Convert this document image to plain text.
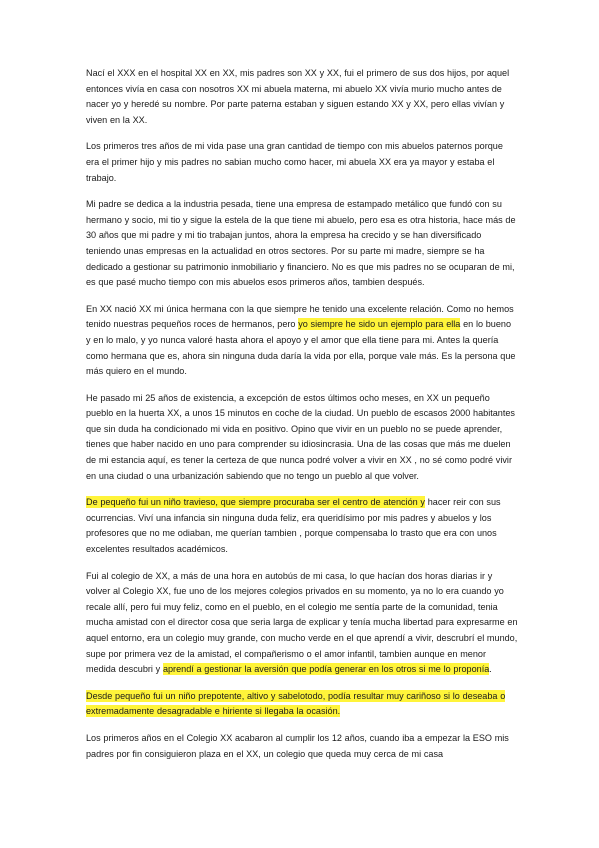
Nací el XXX en el hospital XX en XX, mis padres son XX y XX, fui el primero de sus dos hijos, por aquel entonces vivía en casa con nosotros XX mi abuela materna, mi abuelo XX vivía murio mucho antes de nacer yo y heredé su nombre. Por parte paterna estaban y siguen estando XX y XX, pero ellas vivían y viven en la XX.

Los primeros tres años de mi vida pase una gran cantidad de tiempo con mis abuelos paternos porque era el primer hijo y mis padres no sabian mucho como hacer, mi abuela XX era ya mayor y estaba el trabajo.

Mi padre se dedica a la industria pesada, tiene una empresa de estampado metálico que fundó con su hermano y socio, mi tio y sigue la estela de la que tiene mi abuelo, pero esa es otra historia, hace más de 30 años que mi padre y mi tio trabajan juntos, ahora la empresa ha crecido y se han diversificado teniendo unas empresas en la actualidad en otros sectores. Por su parte mi madre, siempre se ha dedicado a gestionar su patrimonio inmobiliario y financiero. No es que mis padres no se ocuparan de mi, es que pasé mucho tiempo con mis abuelos esos primeros años, tambien después.

En XX nació XX mi única hermana con la que siempre he tenido una excelente relación. Como no hemos tenido nuestras pequeños roces de hermanos, pero yo siempre he sido un ejemplo para ella en lo bueno y en lo malo, y yo nunca valoré hasta ahora el apoyo y el amor que ella tiene para mi. Antes la quería como hermana que es, ahora sin ninguna duda daría la vida por ella, porque vale más. Es la persona que más quiero en el mundo.

He pasado mi 25 años de existencia, a excepción de estos últimos ocho meses, en XX un pequeño pueblo en la huerta XX, a unos 15 minutos en coche de la ciudad. Un pueblo de escasos 2000 habitantes que sin duda ha condicionado mi vida en positivo. Opino que vivir en un pueblo no se puede aprender, tienes que haber nacido en uno para comprender su idiosincrasia. Una de las cosas que más me duelen de mi estancia aquí, es tener la certeza de que nunca podré volver a vivir en XX , no sé como podré vivir en una ciudad o una urbanización sabiendo que no tengo un pueblo al que volver.

De pequeño fui un niño travieso, que siempre procuraba ser el centro de atención y hacer reir con sus ocurrencias. Viví una infancia sin ninguna duda feliz, era queridísimo por mis padres y abuelos y los profesores que no me odiaban, me querían tambien , porque compensaba lo trasto que era con unos excelentes resultados académicos.

Fui al colegio de XX, a más de una hora en autobús de mi casa, lo que hacían dos horas diarias ir y volver al Colegio XX, fue uno de los mejores colegios privados en su momento, ya no lo era cuando yo recale allí, pero fui muy feliz, como en el pueblo, en el colegio me sentía parte de la comunidad, tenia mucha amistad con el director cosa que seria larga de explicar y tenía mucha libertad para expresarme en aquel entorno, era un colegio muy grande, con mucho verde en el que aprendí a vivir, descrubrí el mundo, supe por primera vez de la amistad, el compañerismo o el amor infantil, tambien aunque en menor medida descubri y aprendí a gestionar la aversión que podía generar en los otros si me lo proponía.

Desde pequeño fui un niño prepotente, altivo y sabelotodo, podía resultar muy cariñoso si lo deseaba o extremadamente desagradable e hiriente si llegaba la ocasión.

Los primeros años en el Colegio XX acabaron al cumplir los 12 años, cuando iba a empezar la ESO mis padres por fin consiguieron plaza en el XX, un colegio que queda muy cerca de mi casa
